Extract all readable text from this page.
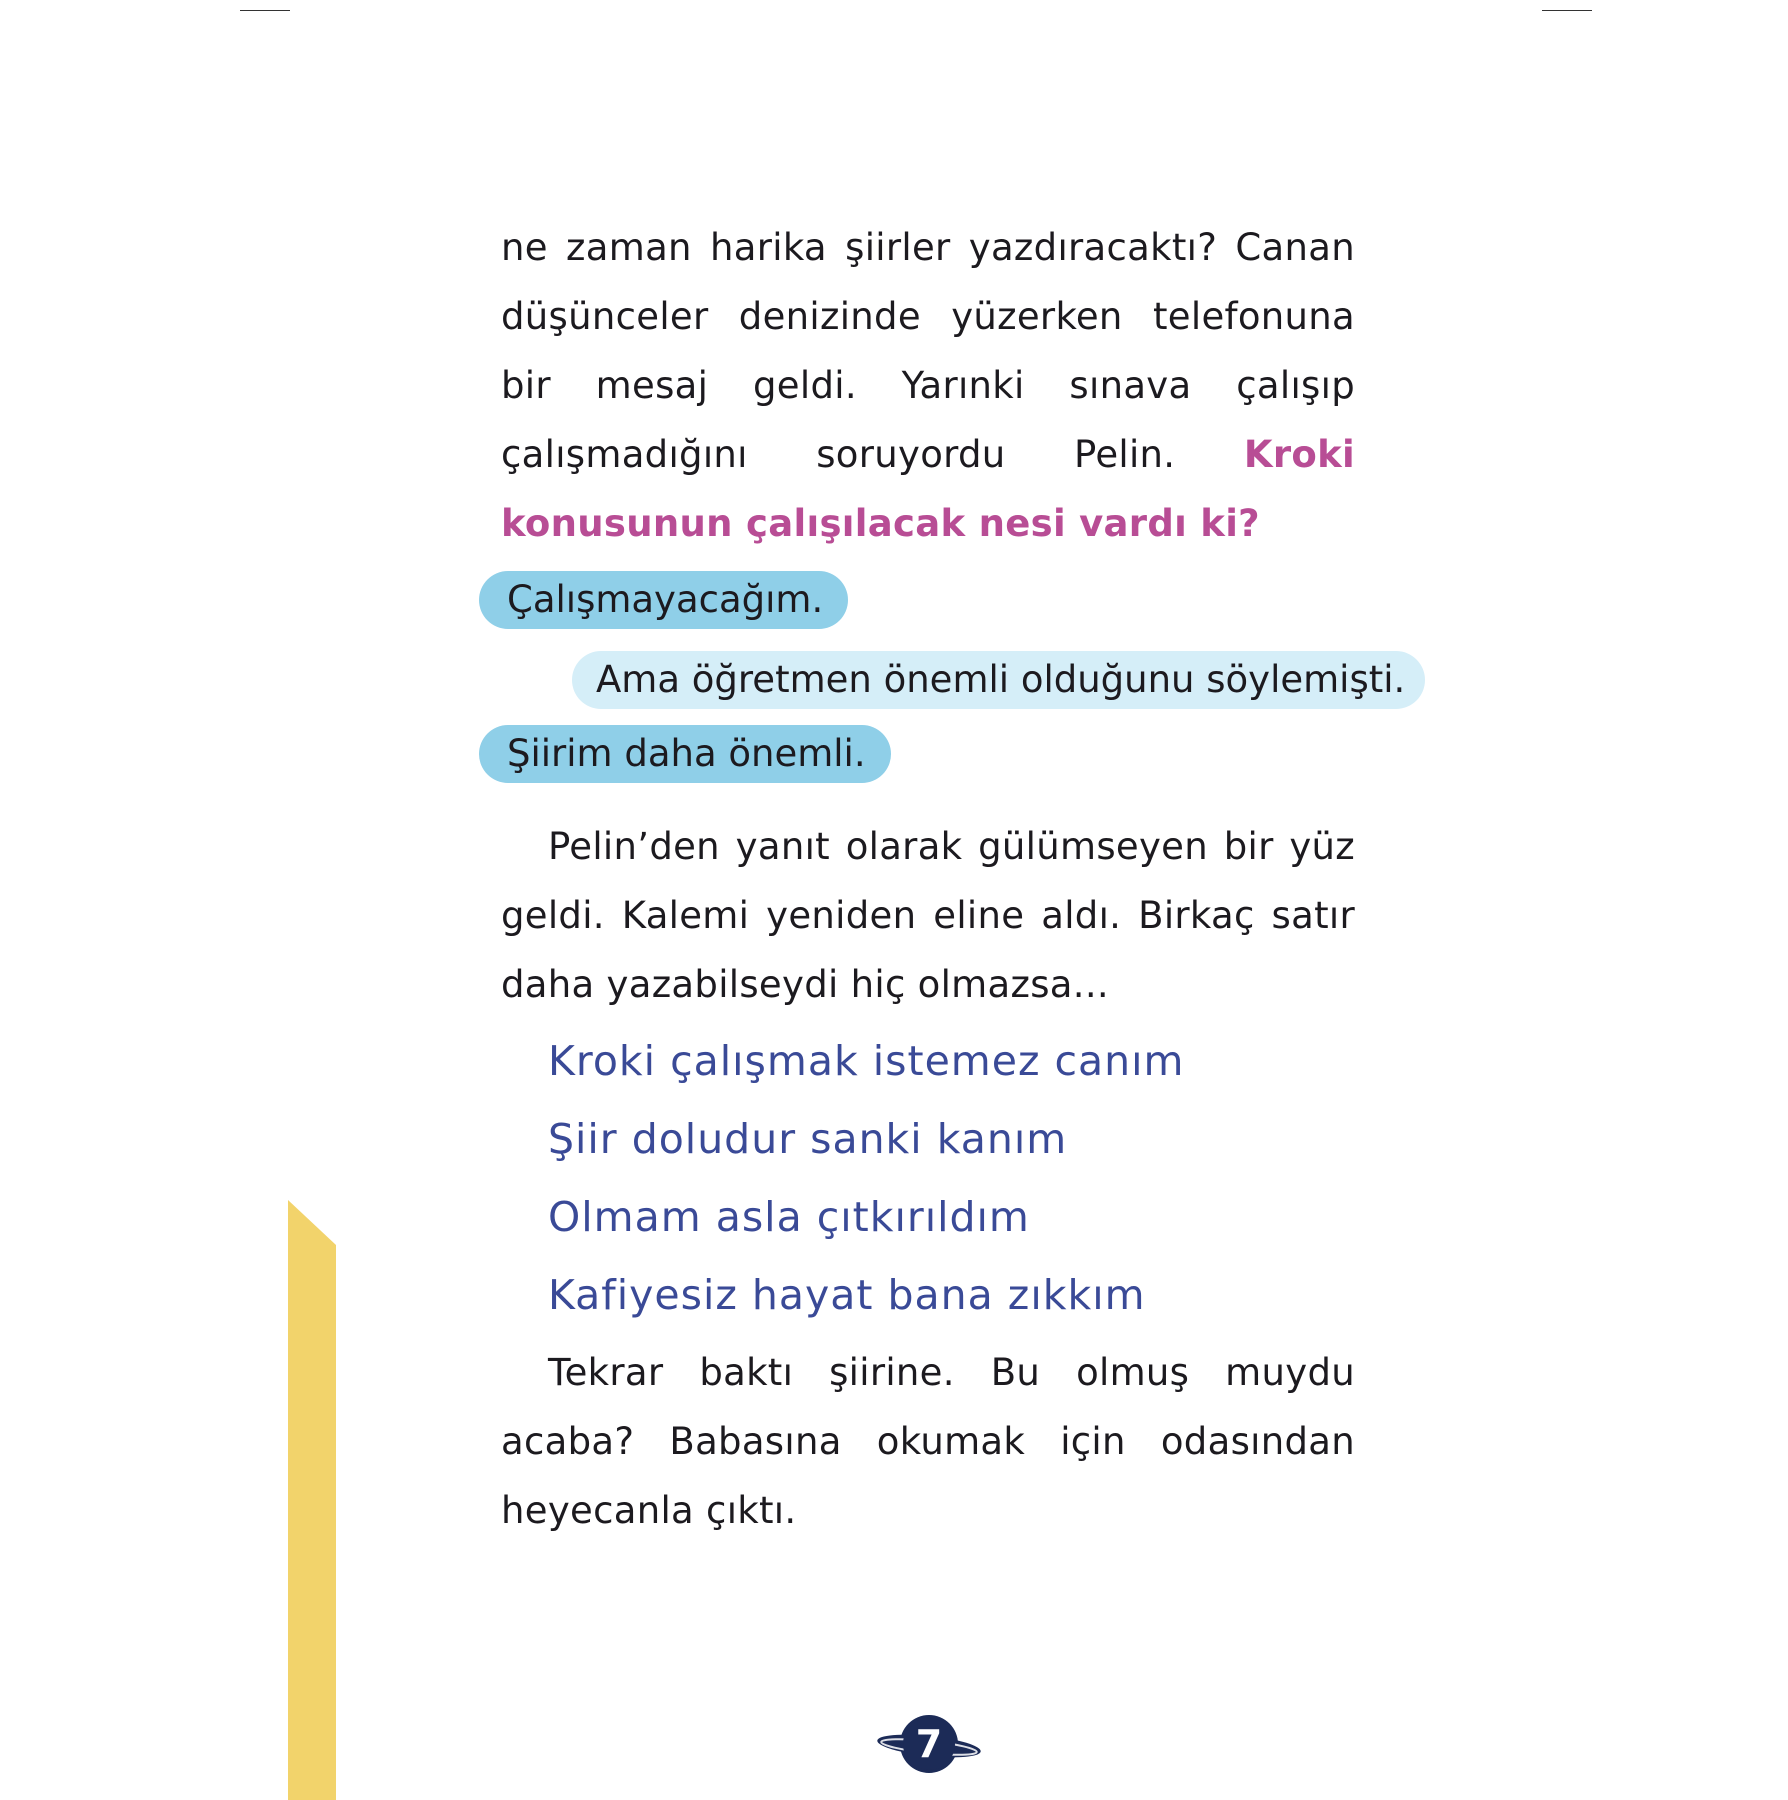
ne zaman harika şiirler yazdıracaktı? Canan düşünceler denizinde yüzerken telefonuna bir mesaj geldi. Yarınki sınava çalışıp çalışmadığını soruyordu Pelin. Kroki konusunun çalışılacak nesi vardı ki?

Çalışmayacağım.
Ama öğretmen önemli olduğunu söylemişti.
Şiirim daha önemli.

Pelin’den yanıt olarak gülümseyen bir yüz geldi. Kalemi yeniden eline aldı. Birkaç satır daha yazabilseydi hiç olmazsa...

Kroki çalışmak istemez canım
Şiir doludur sanki kanım
Olmam asla çıtkırıldım
Kafiyesiz hayat bana zıkkım

Tekrar baktı şiirine. Bu olmuş muydu acaba? Babasına okumak için odasından heyecanla çıktı.

7
